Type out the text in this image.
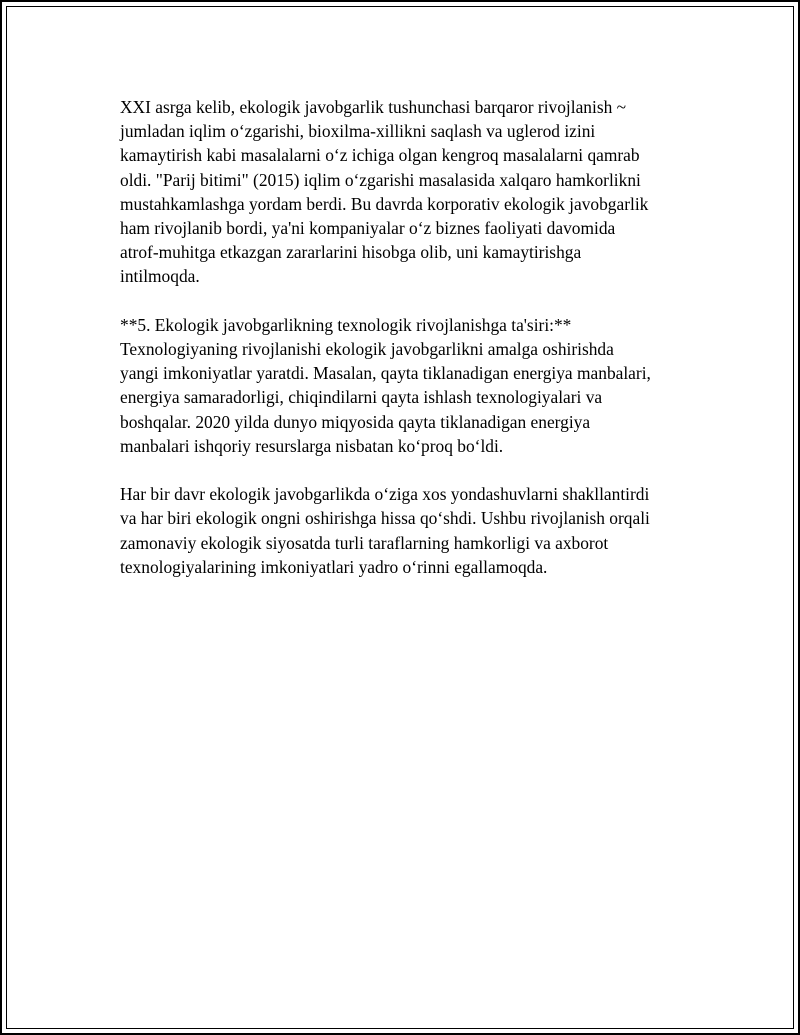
XXI asrga kelib, ekologik javobgarlik tushunchasi barqaror rivojlanish ~
jumladan iqlim o‘zgarishi, bioxilma-xillikni saqlash va uglerod izini
kamaytirish kabi masalalarni o‘z ichiga olgan kengroq masalalarni qamrab
oldi. "Parij bitimi" (2015) iqlim o‘zgarishi masalasida xalqaro hamkorlikni
mustahkamlashga yordam berdi. Bu davrda korporativ ekologik javobgarlik
ham rivojlanib bordi, ya'ni kompaniyalar o‘z biznes faoliyati davomida
atrof-muhitga etkazgan zararlarini hisobga olib, uni kamaytirishga
intilmoqda.

**5. Ekologik javobgarlikning texnologik rivojlanishga ta'siri:**
Texnologiyaning rivojlanishi ekologik javobgarlikni amalga oshirishda
yangi imkoniyatlar yaratdi. Masalan, qayta tiklanadigan energiya manbalari,
energiya samaradorligi, chiqindilarni qayta ishlash texnologiyalari va
boshqalar. 2020 yilda dunyo miqyosida qayta tiklanadigan energiya
manbalari ishqoriy resurslarga nisbatan ko‘proq bo‘ldi.

Har bir davr ekologik javobgarlikda o‘ziga xos yondashuvlarni shakllantirdi
va har biri ekologik ongni oshirishga hissa qo‘shdi. Ushbu rivojlanish orqali
zamonaviy ekologik siyosatda turli taraflarning hamkorligi va axborot
texnologiyalarining imkoniyatlari yadro o‘rinni egallamoqda.
